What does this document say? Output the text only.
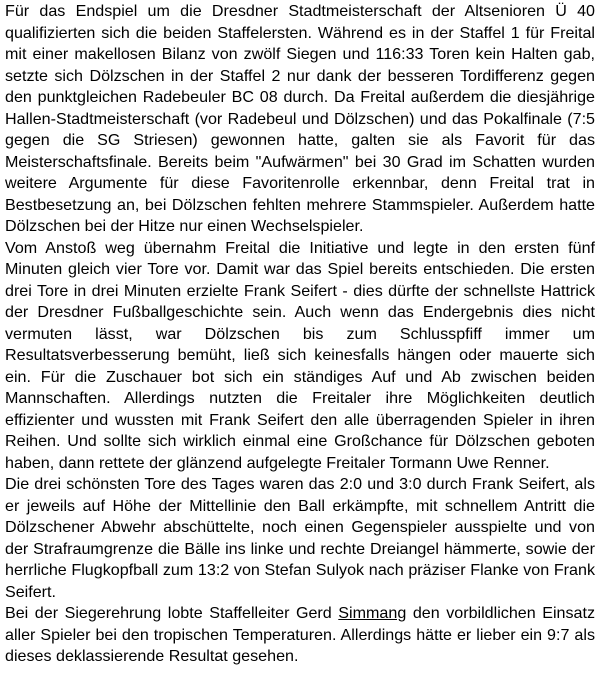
Für das Endspiel um die Dresdner Stadtmeisterschaft der Altsenioren Ü 40 qualifizierten sich die beiden Staffelersten. Während es in der Staffel 1 für Freital mit einer makellosen Bilanz von zwölf Siegen und 116:33 Toren kein Halten gab, setzte sich Dölzschen in der Staffel 2 nur dank der besseren Tordifferenz gegen den punktgleichen Radebeuler BC 08 durch. Da Freital außerdem die diesjährige Hallen-Stadtmeisterschaft (vor Radebeul und Dölzschen) und das Pokalfinale (7:5 gegen die SG Striesen) gewonnen hatte, galten sie als Favorit für das Meisterschaftsfinale. Bereits beim "Aufwärmen" bei 30 Grad im Schatten wurden weitere Argumente für diese Favoritenrolle erkennbar, denn Freital trat in Bestbesetzung an, bei Dölzschen fehlten mehrere Stammspieler. Außerdem hatte Dölzschen bei der Hitze nur einen Wechselspieler.

Vom Anstoß weg übernahm Freital die Initiative und legte in den ersten fünf Minuten gleich vier Tore vor. Damit war das Spiel bereits entschieden. Die ersten drei Tore in drei Minuten erzielte Frank Seifert - dies dürfte der schnellste Hattrick der Dresdner Fußballgeschichte sein. Auch wenn das Endergebnis dies nicht vermuten lässt, war Dölzschen bis zum Schlusspfiff immer um Resultatsverbesserung bemüht, ließ sich keinesfalls hängen oder mauerte sich ein. Für die Zuschauer bot sich ein ständiges Auf und Ab zwischen beiden Mannschaften. Allerdings nutzten die Freitaler ihre Möglichkeiten deutlich effizienter und wussten mit Frank Seifert den alle überragenden Spieler in ihren Reihen. Und sollte sich wirklich einmal eine Großchance für Dölzschen geboten haben, dann rettete der glänzend aufgelegte Freitaler Tormann Uwe Renner.

Die drei schönsten Tore des Tages waren das 2:0 und 3:0 durch Frank Seifert, als er jeweils auf Höhe der Mittellinie den Ball erkämpfte, mit schnellem Antritt die Dölzschener Abwehr abschüttelte, noch einen Gegenspieler ausspielte und von der Strafraumgrenze die Bälle ins linke und rechte Dreiangel hämmerte, sowie der herrliche Flugkopfball zum 13:2 von Stefan Sulyok nach präziser Flanke von Frank Seifert.

Bei der Siegerehrung lobte Staffelleiter Gerd Simmang den vorbildlichen Einsatz aller Spieler bei den tropischen Temperaturen. Allerdings hätte er lieber ein 9:7 als dieses deklassierende Resultat gesehen.
